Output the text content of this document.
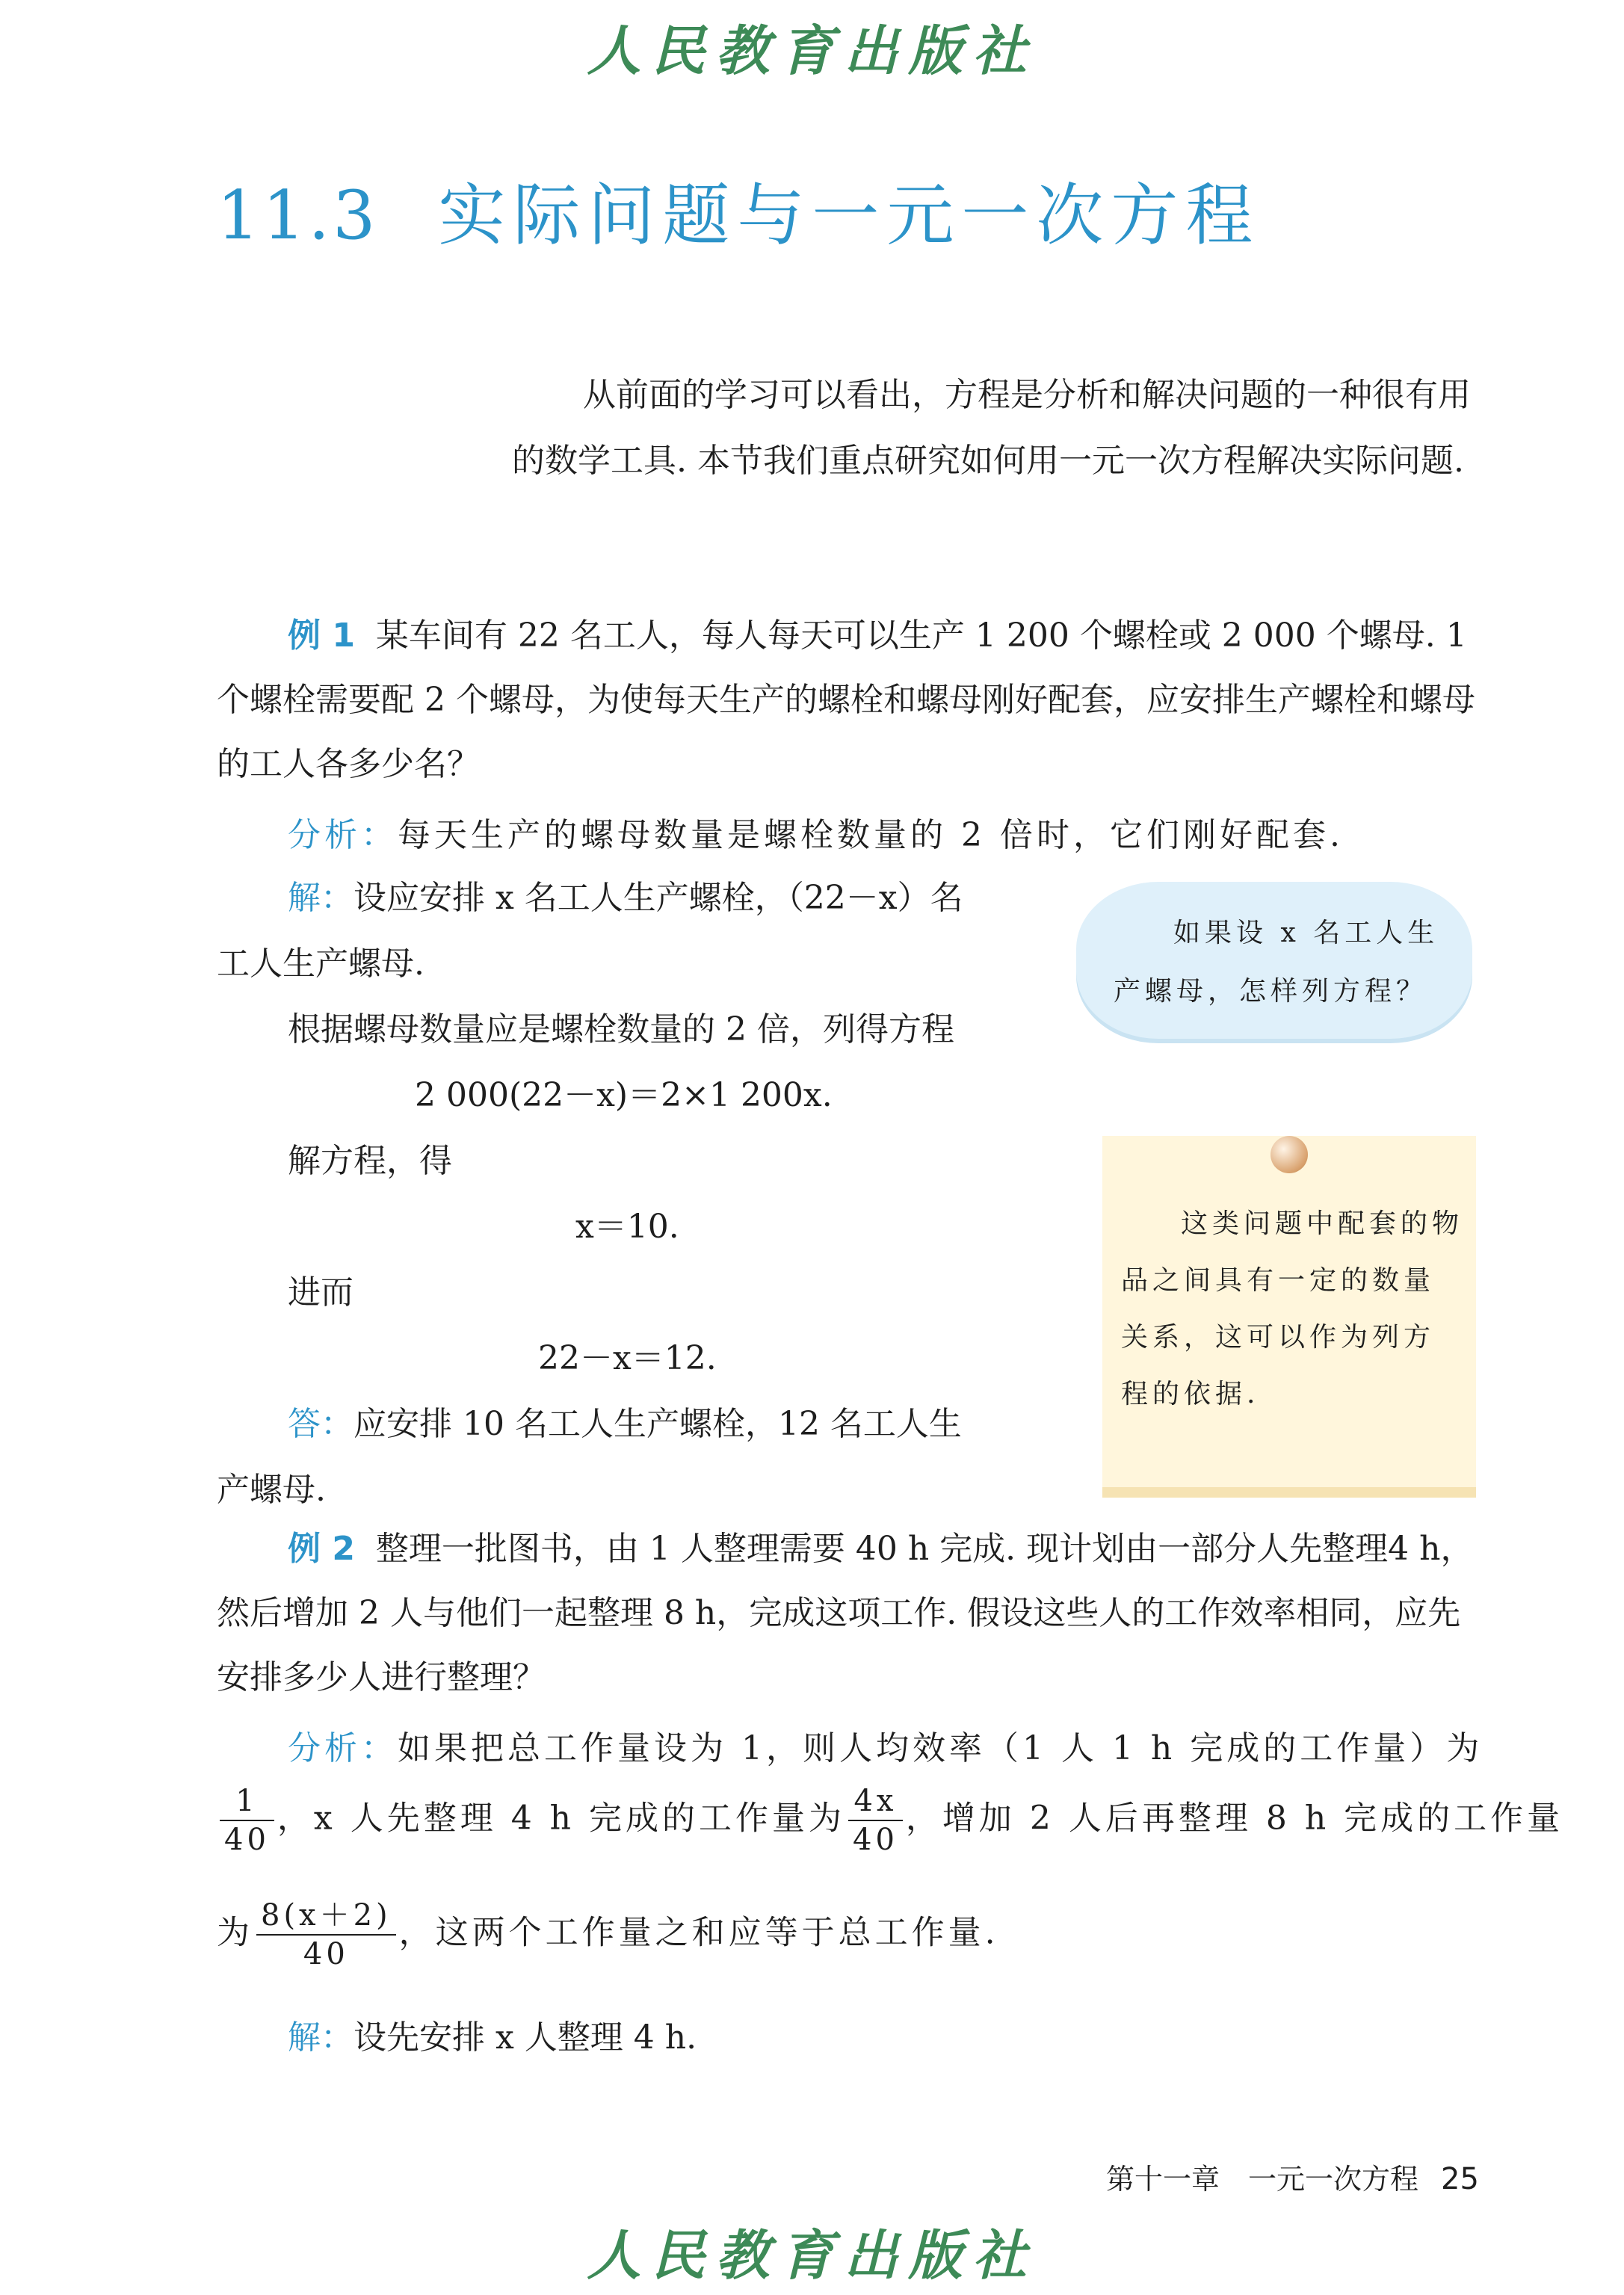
人民教育出版社
11.3 实际问题与一元一次方程
从前面的学习可以看出，方程是分析和解决问题的一种很有用的数学工具. 本节我们重点研究如何用一元一次方程解决实际问题.
例 1 某车间有 22 名工人，每人每天可以生产 1 200 个螺栓或 2 000 个螺母. 1 个螺栓需要配 2 个螺母，为使每天生产的螺栓和螺母刚好配套，应安排生产螺栓和螺母的工人各多少名？
分析：每天生产的螺母数量是螺栓数量的 2 倍时，它们刚好配套.
解：设应安排 x 名工人生产螺栓，（22－x）名
工人生产螺母.
根据螺母数量应是螺栓数量的 2 倍，列得方程
2 000(22－x)＝2×1 200x.
解方程，得
x＝10.
进而
22－x＝12.
答：应安排 10 名工人生产螺栓，12 名工人生
产螺母.
如果设 x 名工人生产螺母，怎样列方程？
这类问题中配套的物品之间具有一定的数量关系，这可以作为列方程的依据.
例 2 整理一批图书，由 1 人整理需要 40 h 完成. 现计划由一部分人先整理4 h，然后增加 2 人与他们一起整理 8 h，完成这项工作. 假设这些人的工作效率相同，应先安排多少人进行整理？
分析：如果把总工作量设为 1，则人均效率（1 人 1 h 完成的工作量）为
$\frac{1}{40}$ ，x 人先整理 4 h 完成的工作量为 $\frac{4x}{40}$ ，增加 2 人后再整理 8 h 完成的工作量
为 $\frac{8(x+2)}{40}$ ，这两个工作量之和应等于总工作量.
解：设先安排 x 人整理 4 h.
第十一章　一元一次方程 25
人民教育出版社
